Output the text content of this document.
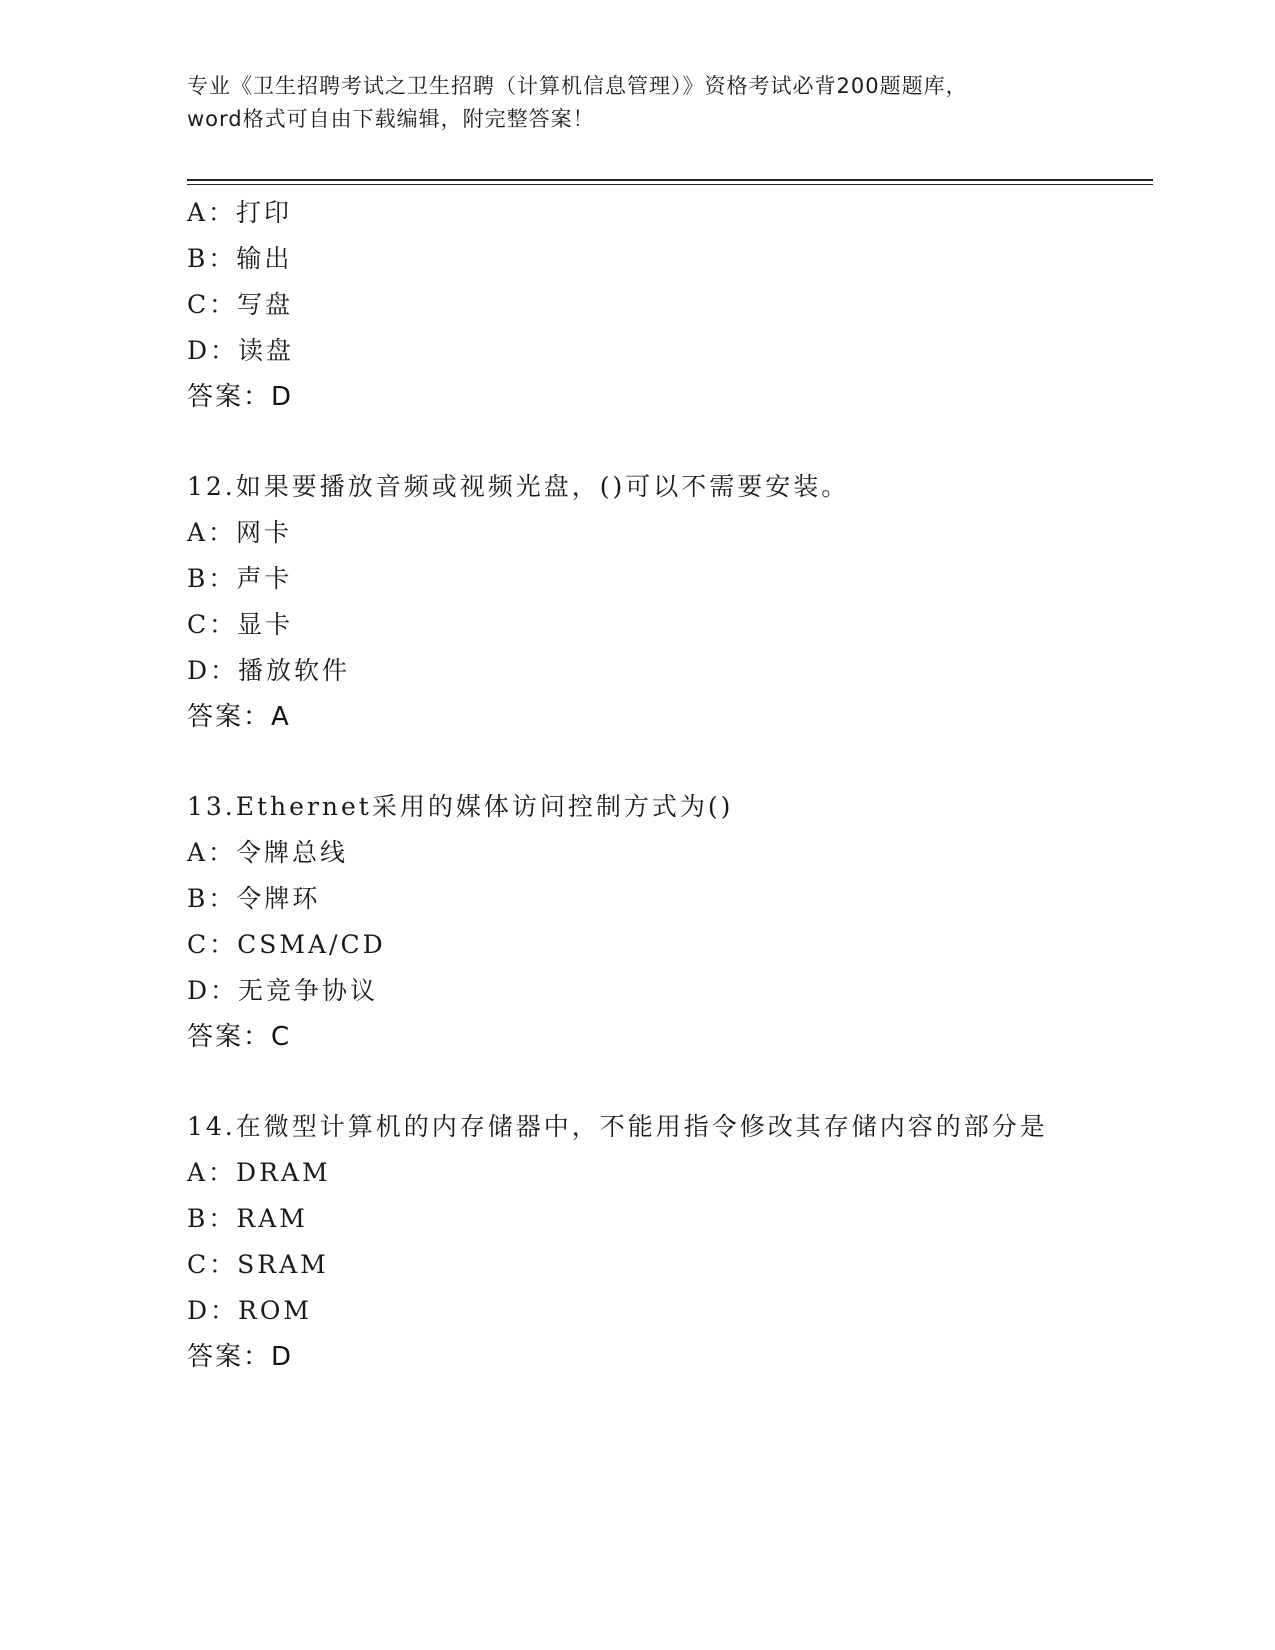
专业《卫生招聘考试之卫生招聘（计算机信息管理）》资格考试必背200题题库，
word格式可自由下载编辑，附完整答案！
A：打印
B：输出
C：写盘
D：读盘
答案：D
12.如果要播放音频或视频光盘，()可以不需要安装。
A：网卡
B：声卡
C：显卡
D：播放软件
答案：A
13.Ethernet采用的媒体访问控制方式为()
A：令牌总线
B：令牌环
C：CSMA/CD
D：无竞争协议
答案：C
14.在微型计算机的内存储器中，不能用指令修改其存储内容的部分是
A：DRAM
B：RAM
C：SRAM
D：ROM
答案：D
